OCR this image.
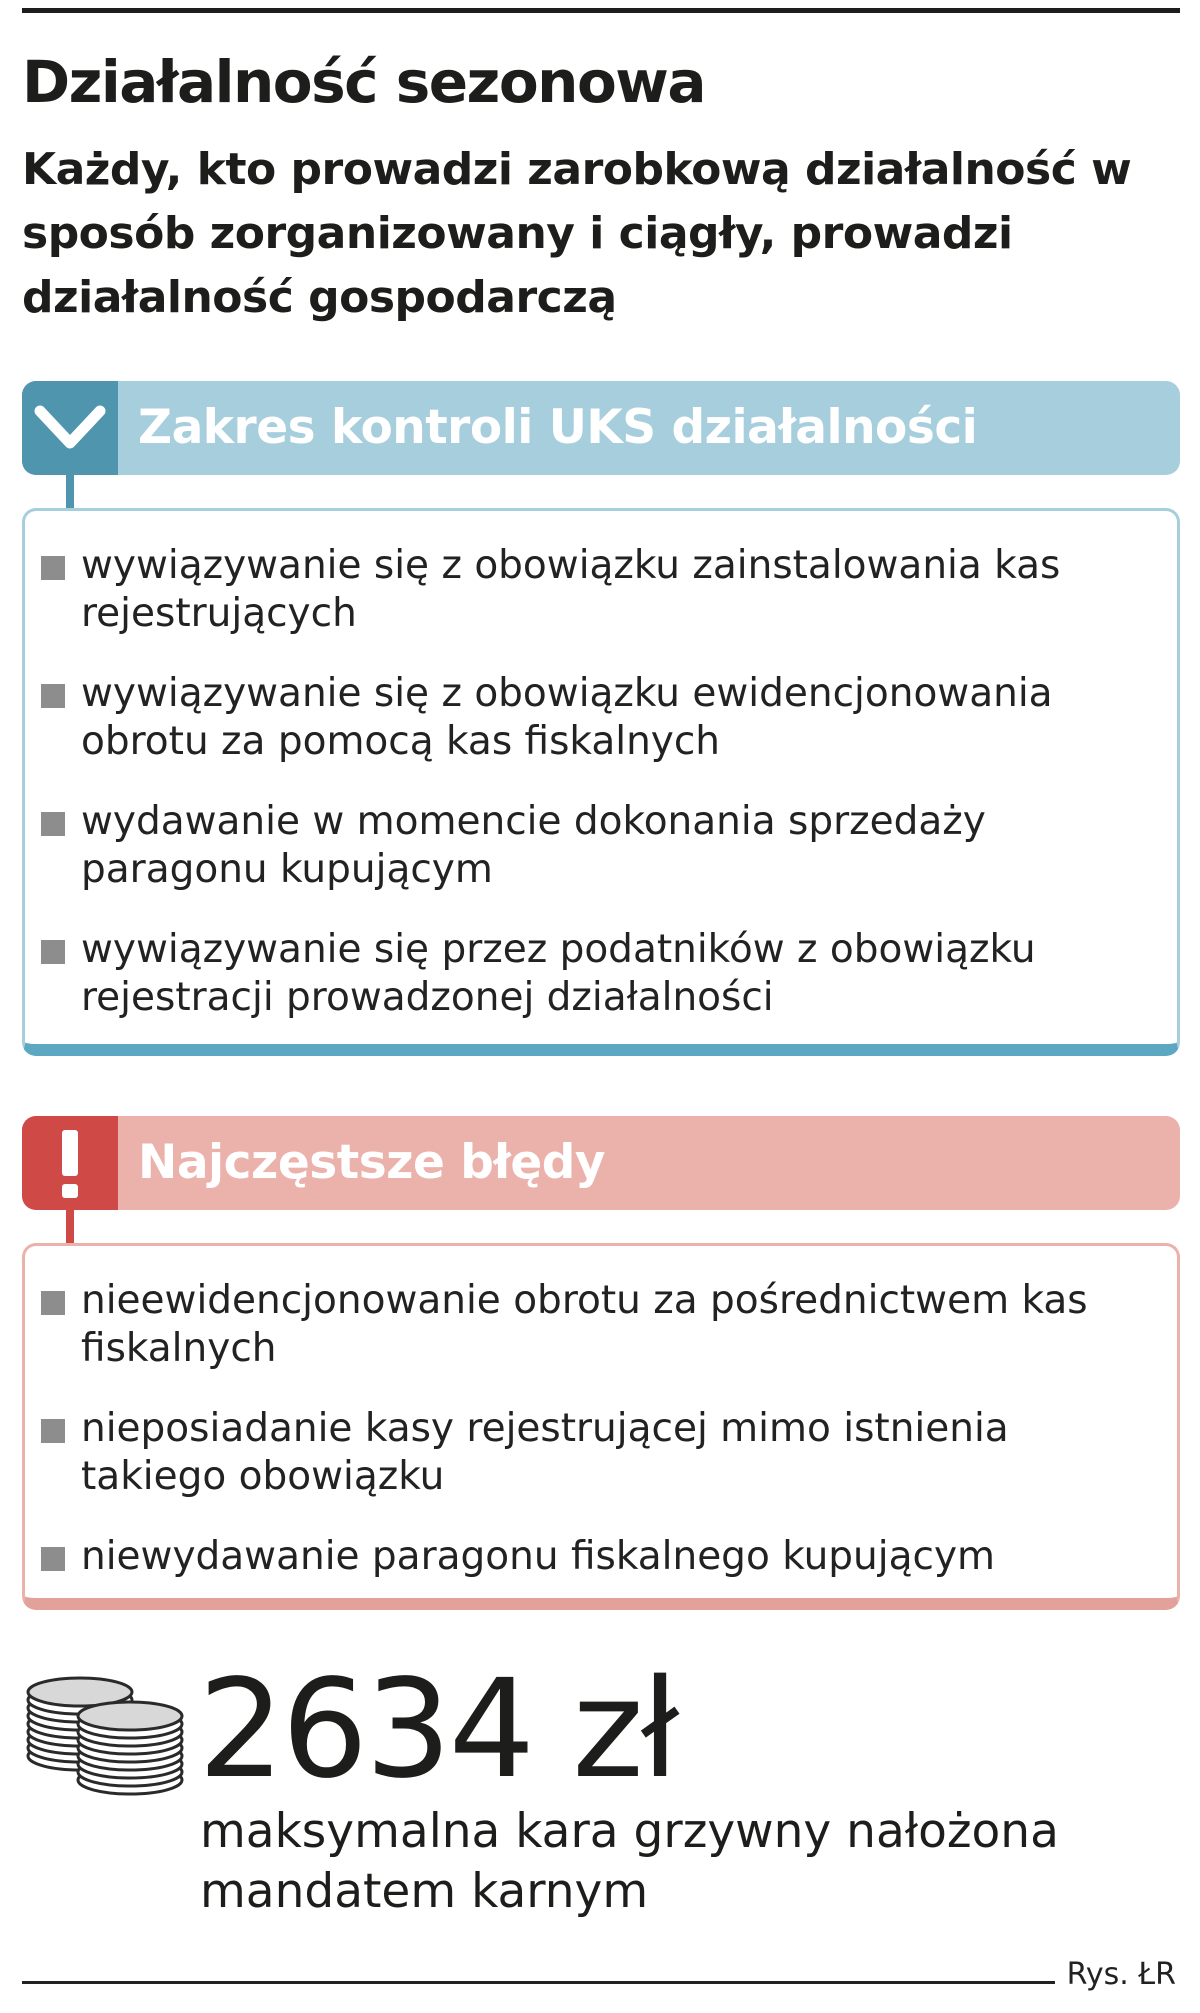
Działalność sezonowa

Każdy, kto prowadzi zarobkową działalność w sposób zorganizowany i ciągły, prowadzi działalność gospodarczą

Zakres kontroli UKS działalności
wywiązywanie się z obowiązku zainstalowania kas rejestrujących
wywiązywanie się z obowiązku ewidencjonowania obrotu za pomocą kas fiskalnych
wydawanie w momencie dokonania sprzedaży paragonu kupującym
wywiązywanie się przez podatników z obowiązku rejestracji prowadzonej działalności
Najczęstsze błędy
nieewidencjonowanie obrotu za pośrednictwem kas fiskalnych
nieposiadanie kasy rejestrującej mimo istnienia takiego obowiązku
niewydawanie paragonu fiskalnego kupującym

2634 zł

maksymalna kara grzywny nałożona mandatem karnym

Rys. ŁR
